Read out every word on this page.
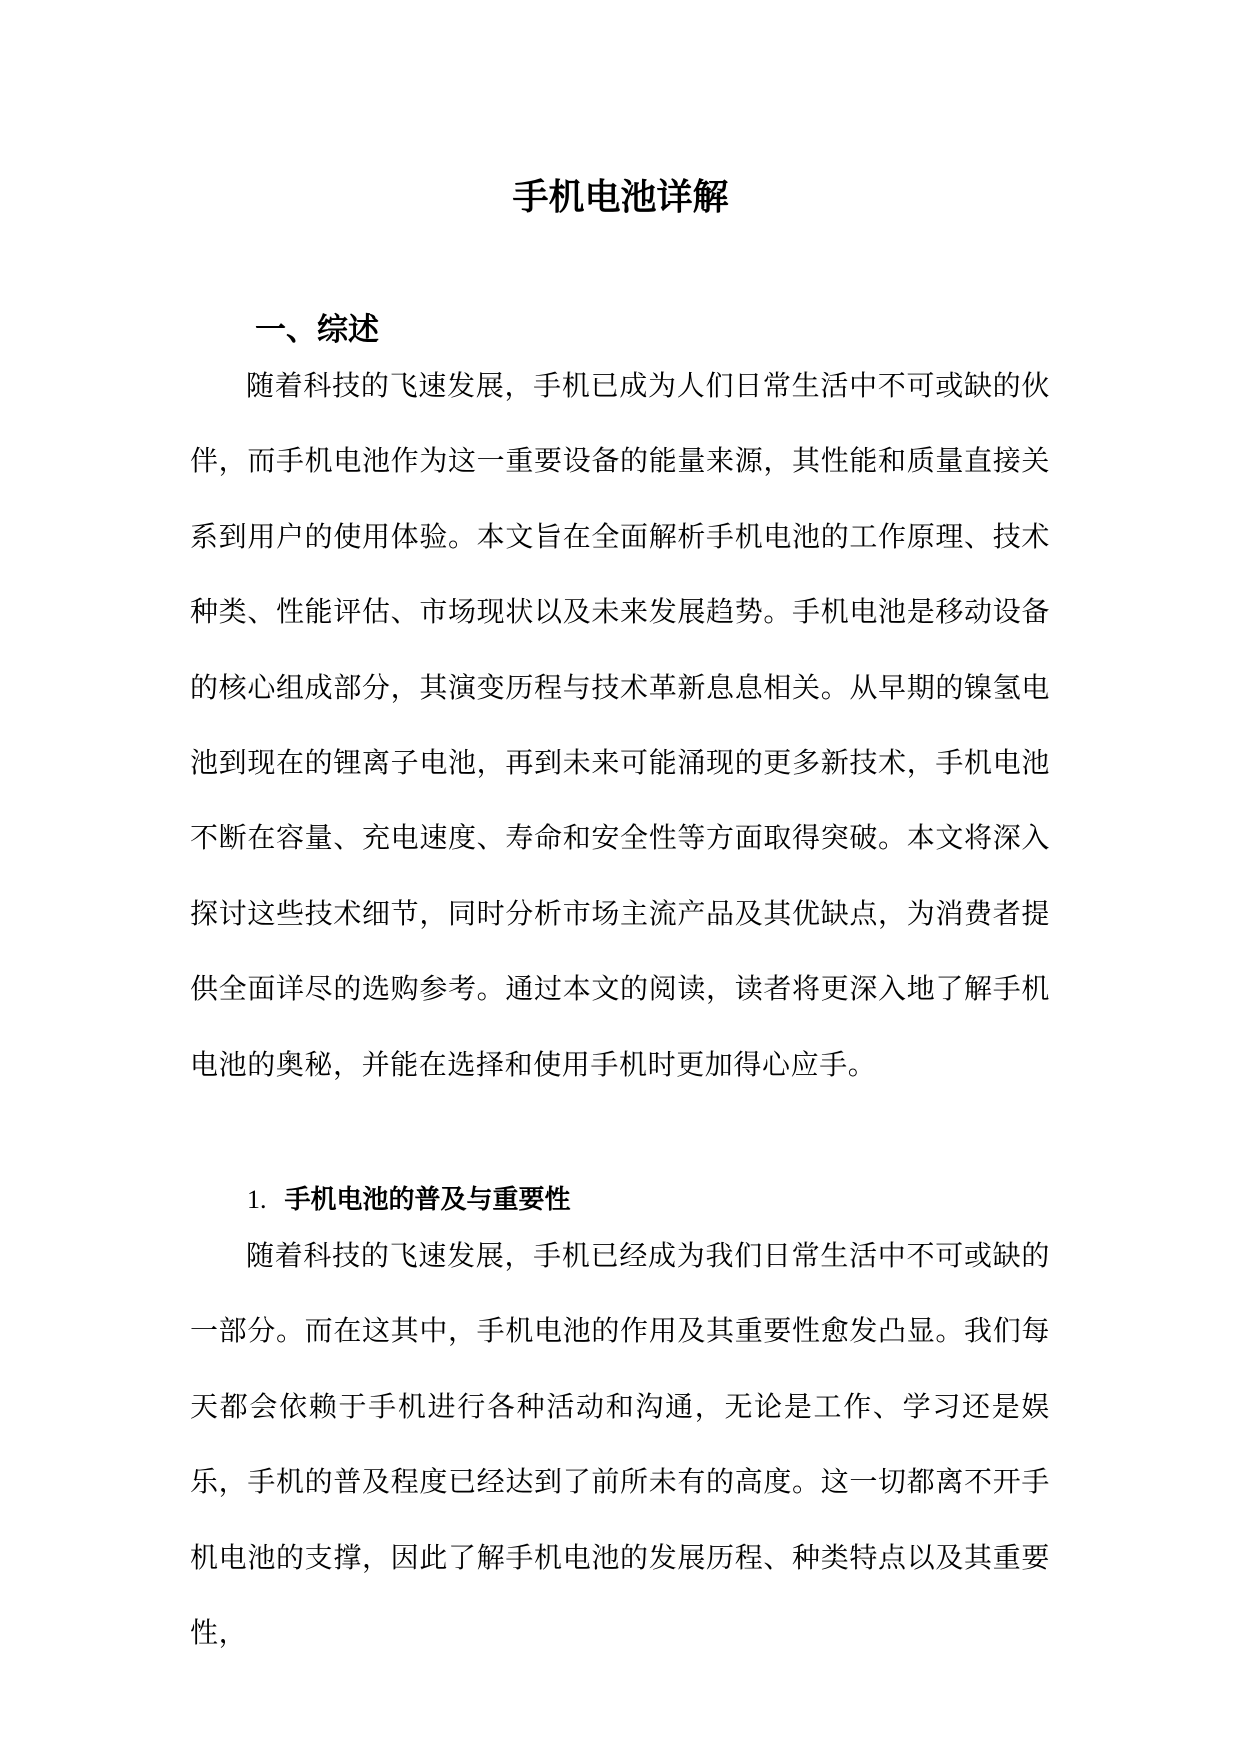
手机电池详解
一、综述

随着科技的飞速发展，手机已成为人们日常生活中不可或缺的伙伴，而手机电池作为这一重要设备的能量来源，其性能和质量直接关系到用户的使用体验。本文旨在全面解析手机电池的工作原理、技术种类、性能评估、市场现状以及未来发展趋势。手机电池是移动设备的核心组成部分，其演变历程与技术革新息息相关。从早期的镍氢电池到现在的锂离子电池，再到未来可能涌现的更多新技术，手机电池不断在容量、充电速度、寿命和安全性等方面取得突破。本文将深入探讨这些技术细节，同时分析市场主流产品及其优缺点，为消费者提供全面详尽的选购参考。通过本文的阅读，读者将更深入地了解手机电池的奥秘，并能在选择和使用手机时更加得心应手。

1. 手机电池的普及与重要性

随着科技的飞速发展，手机已经成为我们日常生活中不可或缺的一部分。而在这其中，手机电池的作用及其重要性愈发凸显。我们每天都会依赖于手机进行各种活动和沟通，无论是工作、学习还是娱乐，手机的普及程度已经达到了前所未有的高度。这一切都离不开手机电池的支撑，因此了解手机电池的发展历程、种类特点以及其重要性，
